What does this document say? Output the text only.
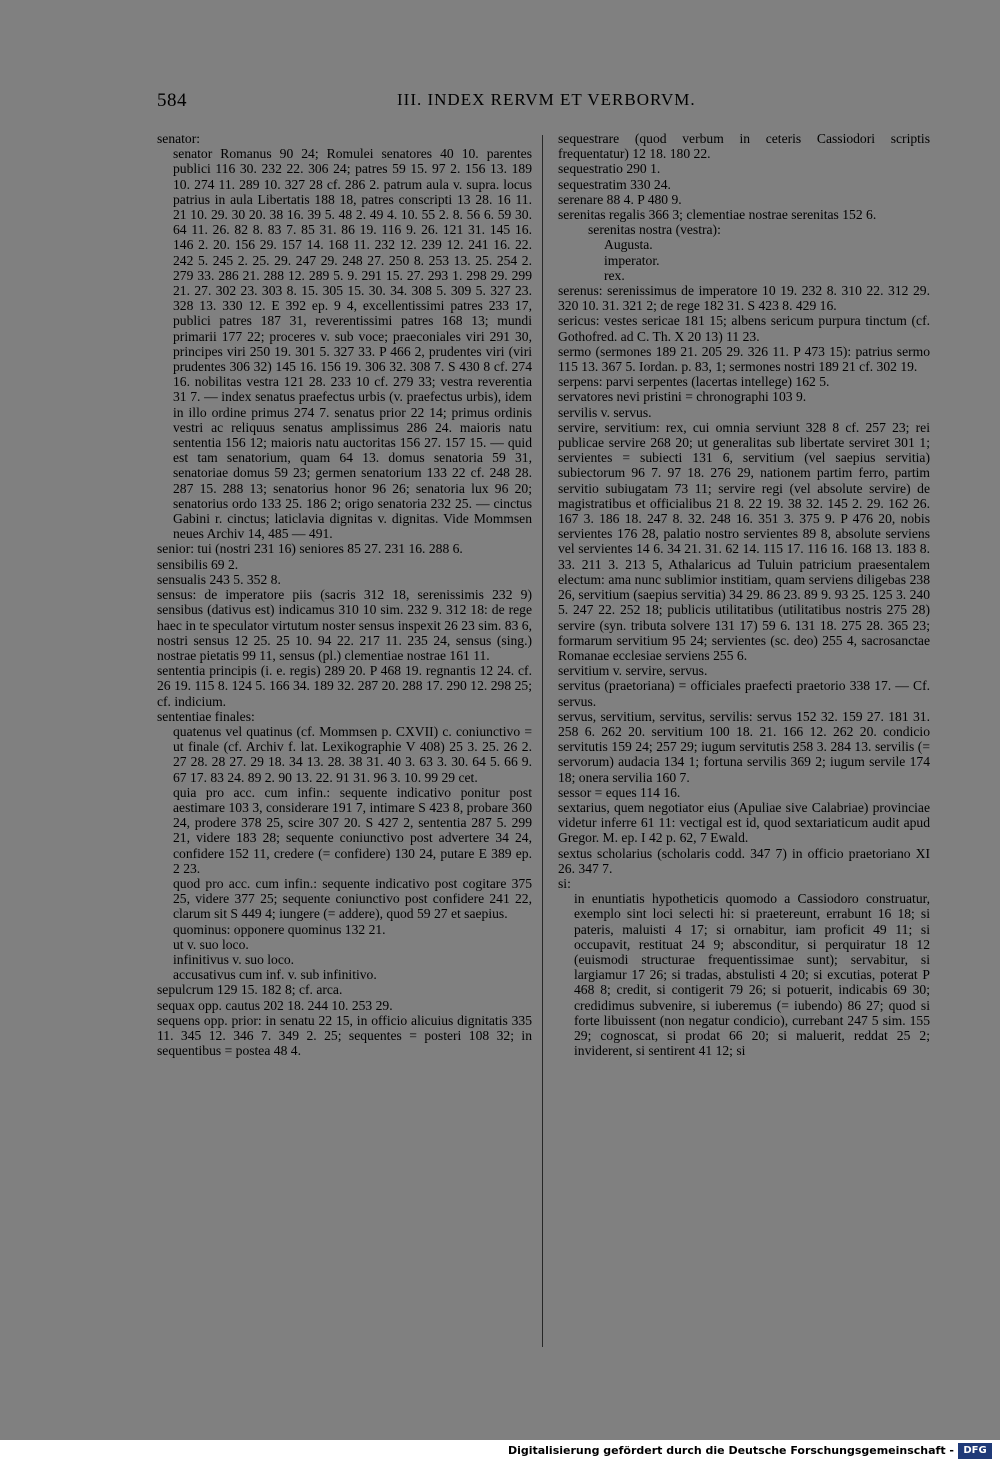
584	III. INDEX RERVM ET VERBORVM.

senator:

senator Romanus 90 24; Romulei senatores 40 10. parentes publici 116 30. 232 22. 306 24; patres 59 15. 97 2. 156 13. 189 10. 274 11. 289 10. 327 28 cf. 286 2. patrum aula v. supra. locus patrius in aula Libertatis 188 18, patres conscripti 13 28. 16 11. 21 10. 29. 30 20. 38 16. 39 5. 48 2. 49 4. 10. 55 2. 8. 56 6. 59 30. 64 11. 26. 82 8. 83 7. 85 31. 86 19. 116 9. 26. 121 31. 145 16. 146 2. 20. 156 29. 157 14. 168 11. 232 12. 239 12. 241 16. 22. 242 5. 245 2. 25. 29. 247 29. 248 27. 250 8. 253 13. 25. 254 2. 279 33. 286 21. 288 12. 289 5. 9. 291 15. 27. 293 1. 298 29. 299 21. 27. 302 23. 303 8. 15. 305 15. 30. 34. 308 5. 309 5. 327 23. 328 13. 330 12. E 392 ep. 9 4, excellentissimi patres 233 17, publici patres 187 31, reverentissimi patres 168 13; mundi primarii 177 22; proceres v. sub voce; praeconiales viri 291 30, principes viri 250 19. 301 5. 327 33. P 466 2, prudentes viri (viri prudentes 306 32) 145 16. 156 19. 306 32. 308 7. S 430 8 cf. 274 16. nobilitas vestra 121 28. 233 10 cf. 279 33; vestra reverentia 31 7. — index senatus praefectus urbis (v. praefectus urbis), idem in illo ordine primus 274 7. senatus prior 22 14; primus ordinis vestri ac reliquus senatus amplissimus 286 24. maioris natu sententia 156 12; maioris natu auctoritas 156 27. 157 15. — quid est tam senatorium, quam 64 13. domus senatoria 59 31, senatoriae domus 59 23; germen senatorium 133 22 cf. 248 28. 287 15. 288 13; senatorius honor 96 26; senatoria lux 96 20; senatorius ordo 133 25. 186 2; origo senatoria 232 25. — cinctus Gabini r. cinctus; laticlavia dignitas v. dignitas. Vide Mommsen neues Archiv 14, 485 — 491.

senior: tui (nostri 231 16) seniores 85 27. 231 16. 288 6.

sensibilis 69 2.

sensualis 243 5. 352 8.

sensus: de imperatore piis (sacris 312 18, serenissimis 232 9) sensibus (dativus est) indicamus 310 10 sim. 232 9. 312 18: de rege haec in te speculator virtutum noster sensus inspexit 26 23 sim. 83 6, nostri sensus 12 25. 25 10. 94 22. 217 11. 235 24, sensus (sing.) nostrae pietatis 99 11, sensus (pl.) clementiae nostrae 161 11.

sententia principis (i. e. regis) 289 20. P 468 19. regnantis 12 24. cf. 26 19. 115 8. 124 5. 166 34. 189 32. 287 20. 288 17. 290 12. 298 25; cf. indicium.

sententiae finales:

quatenus vel quatinus (cf. Mommsen p. CXVII) c. coniunctivo = ut finale (cf. Archiv f. lat. Lexikographie V 408) 25 3. 25. 26 2. 27 28. 28 27. 29 18. 34 13. 28. 38 31. 40 3. 63 3. 30. 64 5. 66 9. 67 17. 83 24. 89 2. 90 13. 22. 91 31. 96 3. 10. 99 29 cet.

quia pro acc. cum infin.: sequente indicativo ponitur post aestimare 103 3, considerare 191 7, intimare S 423 8, probare 360 24, prodere 378 25, scire 307 20. S 427 2, sententia 287 5. 299 21, videre 183 28; sequente coniunctivo post advertere 34 24, confidere 152 11, credere (= confidere) 130 24, putare E 389 ep. 2 23.

quod pro acc. cum infin.: sequente indicativo post cogitare 375 25, videre 377 25; sequente coniunctivo post confidere 241 22, clarum sit S 449 4; iungere (= addere), quod 59 27 et saepius.

quominus: opponere quominus 132 21.

ut v. suo loco.

infinitivus v. suo loco.

accusativus cum inf. v. sub infinitivo.

sepulcrum 129 15. 182 8; cf. arca.

sequax opp. cautus 202 18. 244 10. 253 29.

sequens opp. prior: in senatu 22 15, in officio alicuius dignitatis 335 11. 345 12. 346 7. 349 2. 25; sequentes = posteri 108 32; in sequentibus = postea 48 4.

sequestrare (quod verbum in ceteris Cassiodori scriptis frequentatur) 12 18. 180 22.

sequestratio 290 1.

sequestratim 330 24.

serenare 88 4. P 480 9.

serenitas regalis 366 3; clementiae nostrae serenitas 152 6.

serenitas nostra (vestra):

Augusta.

imperator.

rex.

serenus: serenissimus de imperatore 10 19. 232 8. 310 22. 312 29. 320 10. 31. 321 2; de rege 182 31. S 423 8. 429 16.

sericus: vestes sericae 181 15; albens sericum purpura tinctum (cf. Gothofred. ad C. Th. X 20 13) 11 23.

sermo (sermones 189 21. 205 29. 326 11. P 473 15): patrius sermo 115 13. 367 5. Iordan. p. 83, 1; sermones nostri 189 21 cf. 302 19.

serpens: parvi serpentes (lacertas intellege) 162 5.

servatores nevi pristini = chronographi 103 9.

servilis v. servus.

servire, servitium: rex, cui omnia serviunt 328 8 cf. 257 23; rei publicae servire 268 20; ut generalitas sub libertate serviret 301 1; servientes = subiecti 131 6, servitium (vel saepius servitia) subiectorum 96 7. 97 18. 276 29, nationem partim ferro, partim servitio subiugatam 73 11; servire regi (vel absolute servire) de magistratibus et officialibus 21 8. 22 19. 38 32. 145 2. 29. 162 26. 167 3. 186 18. 247 8. 32. 248 16. 351 3. 375 9. P 476 20, nobis servientes 176 28, palatio nostro servientes 89 8, absolute serviens vel servientes 14 6. 34 21. 31. 62 14. 115 17. 116 16. 168 13. 183 8. 33. 211 3. 213 5, Athalaricus ad Tuluin patricium praesentalem electum: ama nunc sublimior institiam, quam serviens diligebas 238 26, servitium (saepius servitia) 34 29. 86 23. 89 9. 93 25. 125 3. 240 5. 247 22. 252 18; publicis utilitatibus (utilitatibus nostris 275 28) servire (syn. tributa solvere 131 17) 59 6. 131 18. 275 28. 365 23; formarum servitium 95 24; servientes (sc. deo) 255 4, sacrosanctae Romanae ecclesiae serviens 255 6.

servitium v. servire, servus.

servitus (praetoriana) = officiales praefecti praetorio 338 17. — Cf. servus.

servus, servitium, servitus, servilis: servus 152 32. 159 27. 181 31. 258 6. 262 20. servitium 100 18. 21. 166 12. 262 20. condicio servitutis 159 24; 257 29; iugum servitutis 258 3. 284 13. servilis (= servorum) audacia 134 1; fortuna servilis 369 2; iugum servile 174 18; onera servilia 160 7.

sessor = eques 114 16.

sextarius, quem negotiator eius (Apuliae sive Calabriae) provinciae videtur inferre 61 11: vectigal est id, quod sextariaticum audit apud Gregor. M. ep. I 42 p. 62, 7 Ewald.

sextus scholarius (scholaris codd. 347 7) in officio praetoriano XI 26. 347 7.

si:

in enuntiatis hypotheticis quomodo a Cassiodoro construatur, exemplo sint loci selecti hi: si praetereunt, errabunt 16 18; si pateris, maluisti 4 17; si ornabitur, iam proficit 49 11; si occupavit, restituat 24 9; absconditur, si perquiratur 18 12 (euismodi structurae frequentissimae sunt); servabitur, si largiamur 17 26; si tradas, abstulisti 4 20; si excutias, poterat P 468 8; credit, si contigerit 79 26; si potuerit, indicabis 69 30; credidimus subvenire, si iuberemus (= iubendo) 86 27; quod si forte libuissent (non negatur condicio), currebant 247 5 sim. 155 29; cognoscat, si prodat 66 20; si maluerit, reddat 25 2; inviderent, si sentirent 41 12; si

Digitalisierung gefördert durch die Deutsche Forschungsgemeinschaft - DFG
